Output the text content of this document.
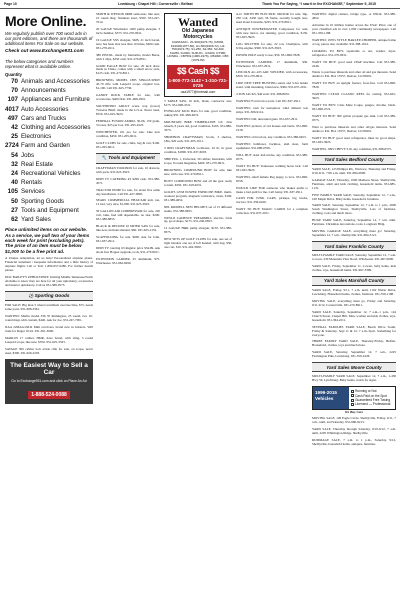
Page 10	Lewisburg • Chapel Hill • Cornersville • Belfast	Thank You For Saying, “I saw it in the EXCHANGE,” September 9, 2015
More Online.
We regularly publish over 700 word ads in our print editions, and there are thousands of additional items For Sale on our website.
Check out www.Exchange931.com
The below categories and numbers represent what is available online.
Quantity
70 Animals and Accessories
70 Announcements
107 Appliances and Furniture
4017 Auto Accessories
497 Cars and Trucks
42 Clothing and Accessories
25 Electronics
2724 Farm and Garden
54 Jobs
32 Real Estate
24 Recreational Vehicles
40 Rentals
105 Services
50 Sporting Goods
27 Tools and Equipment
62 Yard Sales
Place unlimited items on our website. As a service, we pull two of your items each week for print (excluding pets). The price of an item must be below $1,000 to be a free print ad.
A Unique Adaptation, let us help! Personalized airplane plates. Financial statement / keepsake information and a little history of airplane flights Call or Text 1-800-657-0280. For further details please.
DOC BAILEY'S UPHOLSTERY. Inviting Middle Tennessee/North Alabama to know they are here for all your upholstery, accessories and interior upholstery. Call us 931-388-0575.
⚽ Sporting Goods
FOR SALE: Big man 3 wheel recumbent exercise bike, $75, needs some parts. 931-698-3361.
WANTED: Marlin model 336 35 Remington, 25 round, two 10-round mags with custom, $440. Ask for Joe. 931-247-7001.
NAA 22MAG/22LR Mini revolvers, brand new in holsters. Will trade for Ruger 10/22. 931-361-3000.
MARLIN 17 caliber, HMR, have barrel, with sling, 3 round Leupold scope, like new, $350. 931-625-3323.
SAVAGE 300 caliber bolt action rifle for sale, on scope, never used, $300. 931-626-2203.
The Easiest Way to Sell a Car
Go to Exchange931.com and click on Place An Ad
1-888-524-0088
SMITH & WESSON 9MM semi-auto, like new, 10 round mag. Stainless steel, $350. 931-247-7014.
20 GAUGE Winchester 1200 pump shotgun, 3 inch chamber, $375. 931-270-8911.
19 GAUGE SXS shotgun, SKB, 21 inch barrel, new, has been shot less than 10 times, $400 cash. 931-278-4511.
380 PISTOL, made by Interarms, model Bersa, with 2 clips, $250 cash. 931-270-8911.
GOOD EAGLE BOW for sale, 20 inch draw, made in China, comes with a small arrow rack, $125 cash. 931-270-8911.
BROWNING MODEL 1885 SINGLE-SHOT 45-70 rifle with Leupold scope, original box, $1,100. Call 931-625-7730.
GANDY ROCK TABLE for sale, with accessories, $400 firm. 931-698-2901.
SOUTHWIND ADULT scene trap (tower) Traverse Bluff, made in the U.S.A. Never used, $550. 931-625-3923.
FEDERAL FUSION AMMO, 30-06, 150 grain, 3 boxes, $25 per box. 931-295-2223.
WINCHESTER, 101 pro for sale. Like new condition, $450. 931-205-6011.
GOLF CLUBS for sale, clubs, bag & cart, $100. 931-205-6011.
🔧 Tools and Equipment
CRAFTSMAN TOOLBOX for sale, 10 drawers, with parts. 931-625-3923.
DISH TV CATERING #3 $299 cash. 931-388-4571.
TRACTOR PUMP for sale, for about five same day installation. Call 931-427-0865.
SEARS COMMERCIAL HEAT/AIR unit, ton, 12 bed, very nice, $1,000. 931-625-3923.
50 GALLON AIR COMPRESSOR for sale, 220 volt, tank, fuel still dependable, no rust, $200. 931-388-8655.
BLACK & DECKER 10 MITER SAW for sale, like new, includes manual, $60. 931-625-2152.
SCAFFOLDING for sale. $600. Ask for John. 931-637-2911.
DISH TV catering #3 Regular price $34.99. Ask about free Hopper upgrade, tools, 931-270-8011.
EXTENSION LADDER, 25 aluminum, $75. Winchester. 931-962-9290.
Wanted
Old Japanese Motorcycles
KAWASAKI - Z1-900(1973-76), KZ900, KZ1000(1977-80), H1-500(1969-72), H2-750(1972-75), S1-250, S2-350, S3-400, KH250, KH400, SUZUKI - GS400, GT380, HONDA - CB750k (1969-1976), CB400F, CBX (1979-82)
$$ Cash $$
1-800-772-1142 • 1-310-721-0726
usa1977@hotmail.com
3 TABLE SAW, 10 inch, blade, contractor saw, $175. 931-698-4721.
EVERLAST KICK BAG for sale, good condition, asking $35. 931-998-4672.
MOUNTAIN BIKE TIMBER-LINE GT, 21in wheels, 6 years old, good condition, $165. 931-886-3373.
SHOP/BOX CRAFTSMAN, Scotts, 3 shelves, 18in, $20 each. 931-205-1011.
3 RED CRAFTSMAN toolboxes, 22 lb, in great condition, $1800. 931-637-6003.
SHIP PUG 1, Universal, 30 caliber, Interarms, with scope, 8 round magazine, $400. 931-270-8911.
BROWNING COMPOUND BOW for sale, like new, with case. 931-270-8911.
HOYT COMPOUND BOW and all the gear ready to hunt, $350. 931-618-9231.
GOLD'S GYM POWER EXERCISE BIKE, multi-workout program, magnetic resistance, clean, $100. 931-388-4652.
NPL RIDDELL NEW HELMET, set of 15 different teams. 931-388-8655.
WESLO CADENCE TREADMILL electric, folds up, good shape, $175. 931-246-6853.
12 GAUGE H&R pump shotgun, $150. 931-388-8575.
NEW SETS OF GOLF CLUBS for sale, one set of right handed, one set of left handed, with bag, $50, one cart, $10. 931-262-3650.
A.O. SMITH HP ELECTRIC MOTOR for sale, 3hp, 230 volt, 3450 rpm, 56 frame, recently bought new, used about 6 months, $225. 931-270-8911.
ANTIQUE POWERMASTER Compressor for sale, with new motor, not running, good condition, $150. 931-625-3923.
LOG SPLITTER for sale, 22 ton, Champion, with 6.5hp engine, $300. 931-625-3923.
POWER POLE ready to use, $50. 931-698-7828.
EXTENSION LADDER, 17 aluminum, $30. Winchester. 931-637-2911.
LINCOLN AC-225 ARC WELDER, with accessories, $300. 931-270-8911.
LIKE NEW TREE HUNTING stand, and 3-bar ladder stand, with mounting, brand new, $300. 931-637-2911.
4 TON JACKS, $40 each. 931-388-8655.
WANTED: Ford tractor parts. Call 931-637-2911.
WANTED: cash for unexpired, valid diabetic test strips. 931-306-9114.
WANTED: Old, unwanted guns. 931-637-2911.
WANTED: pictures of old houses and barns. 931-698-1918.
WANTED: old tractors, any condition. 931-388-6453.
WANTED: bulldozer, backhoe, skid steer, farm equipment. 931-698-6556.
WILL BUY older 4x4 trucks, any condition, 931-388-0575.
WANT TO BUY: Tennessee walking horse tack. Call 931-625-3923.
WANTED, small female Pug puppy to love. 931-698-6556.
WOULD LIKE FOR someone who makes quilts to make a bed quilt for me. Call Jenny, 931-637-2911.
CASH FOR JUNK CARS, pickups, big trucks, tractors, 931-359-6226.
WANT TO BUY MAGIC CARDS for a complete collection. 931-637-2911.
WANTED: digital camera, bridge type, or DSLR. 931-388-4652.
Advertise in 10 million homes across the USA! Place one of your classified ads in over 1,000 community newspapers. Call 931-359-1188.
WANTED: 1970's STYLE HARLEY-CHOPPER, antique frame or tag, pieces also available. 931-388-1914.
LOOKING TO BUY, repairable or not, washer, dryer, refrigerator. 931-270-8911.
WANT TO BUY: good used CPAP machine. Call 931-388-2246.
Wants to purchase minerals and other oil and gas interests. Send details to P.O. Box 13557, Denver, CO 80201.
WANT TO BUY an upright freezer, frost-free. Call 931-698-7828.
WANTED: CLEAN CLASSIC REEL for casting. 931-625-3923.
WANT TO BUY: Class Mate Coupe, gauges, chrome, black. 931-698-4721.
WANT TO BUY: 300 gallon propane gas tank. Call 931-388-0575.
Want to purchase minerals and other oil/gas interests. Send details to P.O. Box 13557, Denver, CO 80201.
WANT TO BUY good used refrigerator, must be good shape. 931-625-3923.
WANTED, 1995 CHEVY S10, any condition, 931-388-0575.
Yard Sales Bedford County
YARD SALE, 123 Philippi Rd., Wartrace, Thursday and Friday, 9/10-9/11, 7:00 a.m. until. 931-684-0000.
GARAGE SALE, Thursday, 1000 Madison Street, Shelbyville, Furniture, adult and kids clothing, household items. 931-685-1131.
FIVE FAMILY YARD SALE, Saturday, September 12, 7 a.m., 100 Maple Drive. Baby items, household, furniture.
YARD SALE, Saturday, September 12, 7 a.m. to 1 p.m., 2600 South Washington Street, Shelbyville. Lots of furniture, clothing, tools and much more.
HUGE YARD SALE, Saturday, September 12, 7 a.m. until. Furniture, Christmas decorations, tools, Longhorn Bldg.
MOVING GARAGE SALE, everything must go! Saturday, September 12, 7 a.m., Shelbyville. 931-684-3121.
Yard Sales Franklin County
MULTI-FAMILY YARD SALE, Saturday, September 12, 7 a.m. to noon, 230 Mountain View Road, Winchester. 931-967-0000.
YARD SALE, Friday, September 11, Cowan, baby items, kids clothes, toys, household items. 931-967-3399.
Yard Sales Marshall County
YARD SALE, Friday, 9/11, 7 a.m. until, 1102 Weber Drive, Lewisburg. Household items, clothes, furniture. 931-359-1188.
MOVING SALE, everything must go, Friday and Saturday, 9/11-9/12, Cornersville. 931-270-8911.
YARD SALE, Saturday, September 12, 7 a.m.-1 p.m., 124 Church Street, Chapel Hill. Men, women and kids clothes, toys, household. 931-364-2211.
SEVERAL FAMILIES YARD SALE, Beach Drive South, Friday & Saturday, Sept 11 & 12, 7 a.m.-3p.m. Something for everyone.
THREE FAMILY YARD SALE, Thursday-Friday, Belfast. Household, clothes, toys and much more.
YARD SALE, Saturday, September 12, 7 a.m., 2225 Farmington Pike, Lewisburg. 931-359-2226.
Yard Sales Moore County
MULTI-FAMILY YARD SALE, September 12, 7 a.m., 1-450 Hwy 50, Lynchburg. Baby items, watch for signs.
1999-2015 Vehicles
Running or Not
Cash Paid on the Spot
Guaranteed Free Towing
Licensed — Professional
We Buy Cars
MOVING SALE, 128 Eagle Circle, Shelbyville, Friday, 9/11, 7 a.m., until, and Saturday. 931-680-8213.
YARD SALE, Thursday through Saturday, 9/10-9/12, 7 a.m. until, 2205 Whittington Ridge, Shelbyville.
RUMMAGE SALE, 7 a.m. to 1 p.m., Saturday, 9/12, Shelbyville, household items, antiques, furniture.
